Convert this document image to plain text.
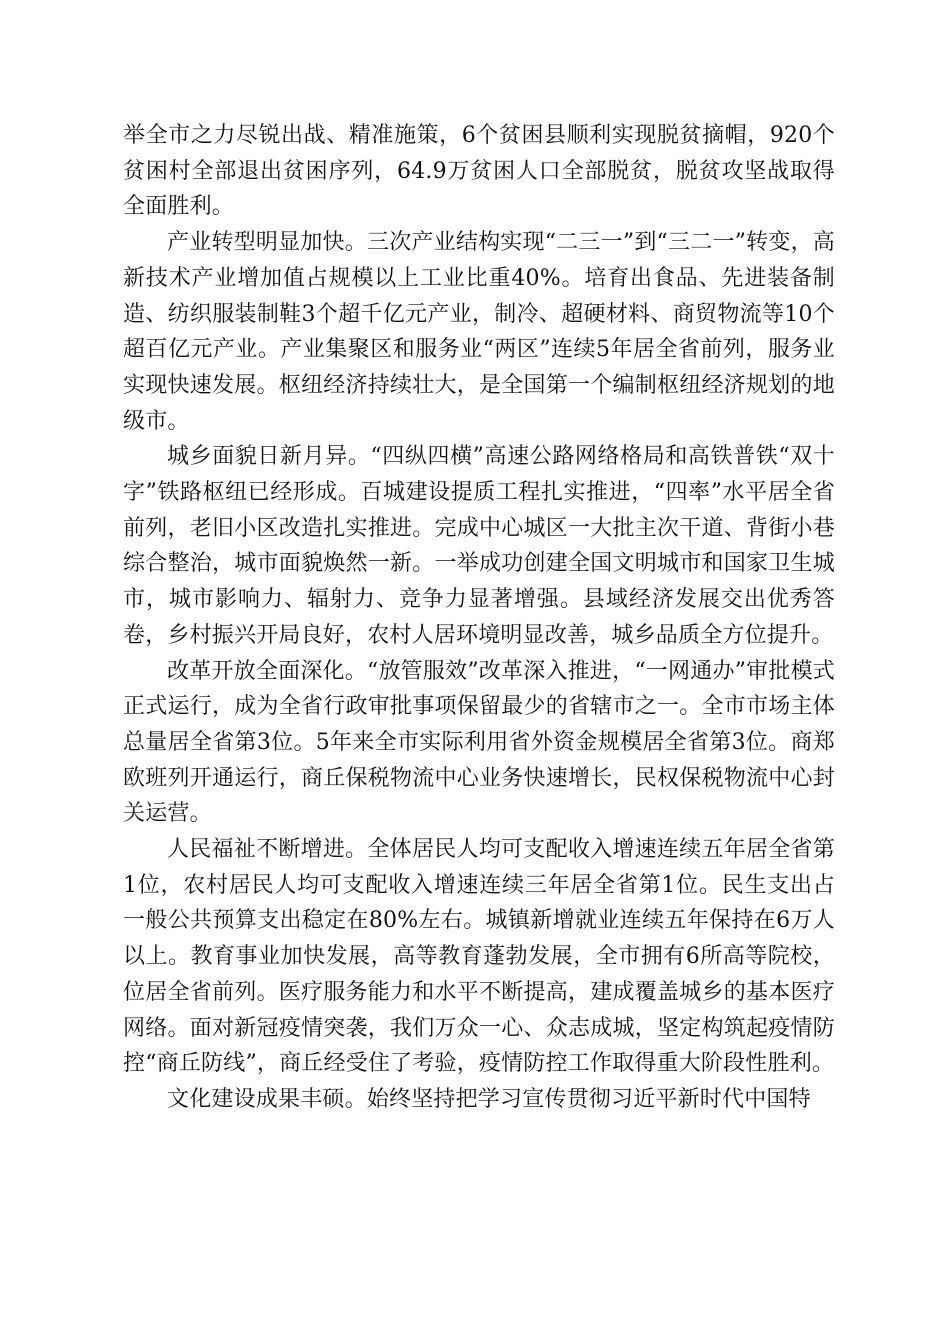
举全市之力尽锐出战、精准施策，6个贫困县顺利实现脱贫摘帽，920个贫困村全部退出贫困序列，64.9万贫困人口全部脱贫，脱贫攻坚战取得全面胜利。

产业转型明显加快。三次产业结构实现“二三一”到“三二一”转变，高新技术产业增加值占规模以上工业比重40%。培育出食品、先进装备制造、纺织服装制鞋3个超千亿元产业，制冷、超硬材料、商贸物流等10个超百亿元产业。产业集聚区和服务业“两区”连续5年居全省前列，服务业实现快速发展。枢纽经济持续壮大，是全国第一个编制枢纽经济规划的地级市。

城乡面貌日新月异。“四纵四横”高速公路网络格局和高铁普铁“双十字”铁路枢纽已经形成。百城建设提质工程扎实推进，“四率”水平居全省前列，老旧小区改造扎实推进。完成中心城区一大批主次干道、背街小巷综合整治，城市面貌焕然一新。一举成功创建全国文明城市和国家卫生城市，城市影响力、辐射力、竞争力显著增强。县域经济发展交出优秀答卷，乡村振兴开局良好，农村人居环境明显改善，城乡品质全方位提升。

改革开放全面深化。“放管服效”改革深入推进，“一网通办”审批模式正式运行，成为全省行政审批事项保留最少的省辖市之一。全市市场主体总量居全省第3位。5年来全市实际利用省外资金规模居全省第3位。商郑欧班列开通运行，商丘保税物流中心业务快速增长，民权保税物流中心封关运营。

人民福祉不断增进。全体居民人均可支配收入增速连续五年居全省第1位，农村居民人均可支配收入增速连续三年居全省第1位。民生支出占一般公共预算支出稳定在80%左右。城镇新增就业连续五年保持在6万人以上。教育事业加快发展，高等教育蓬勃发展，全市拥有6所高等院校，位居全省前列。医疗服务能力和水平不断提高，建成覆盖城乡的基本医疗网络。面对新冠疫情突袭，我们万众一心、众志成城，坚定构筑起疫情防控“商丘防线”，商丘经受住了考验，疫情防控工作取得重大阶段性胜利。

文化建设成果丰硕。始终坚持把学习宣传贯彻习近平新时代中国特
